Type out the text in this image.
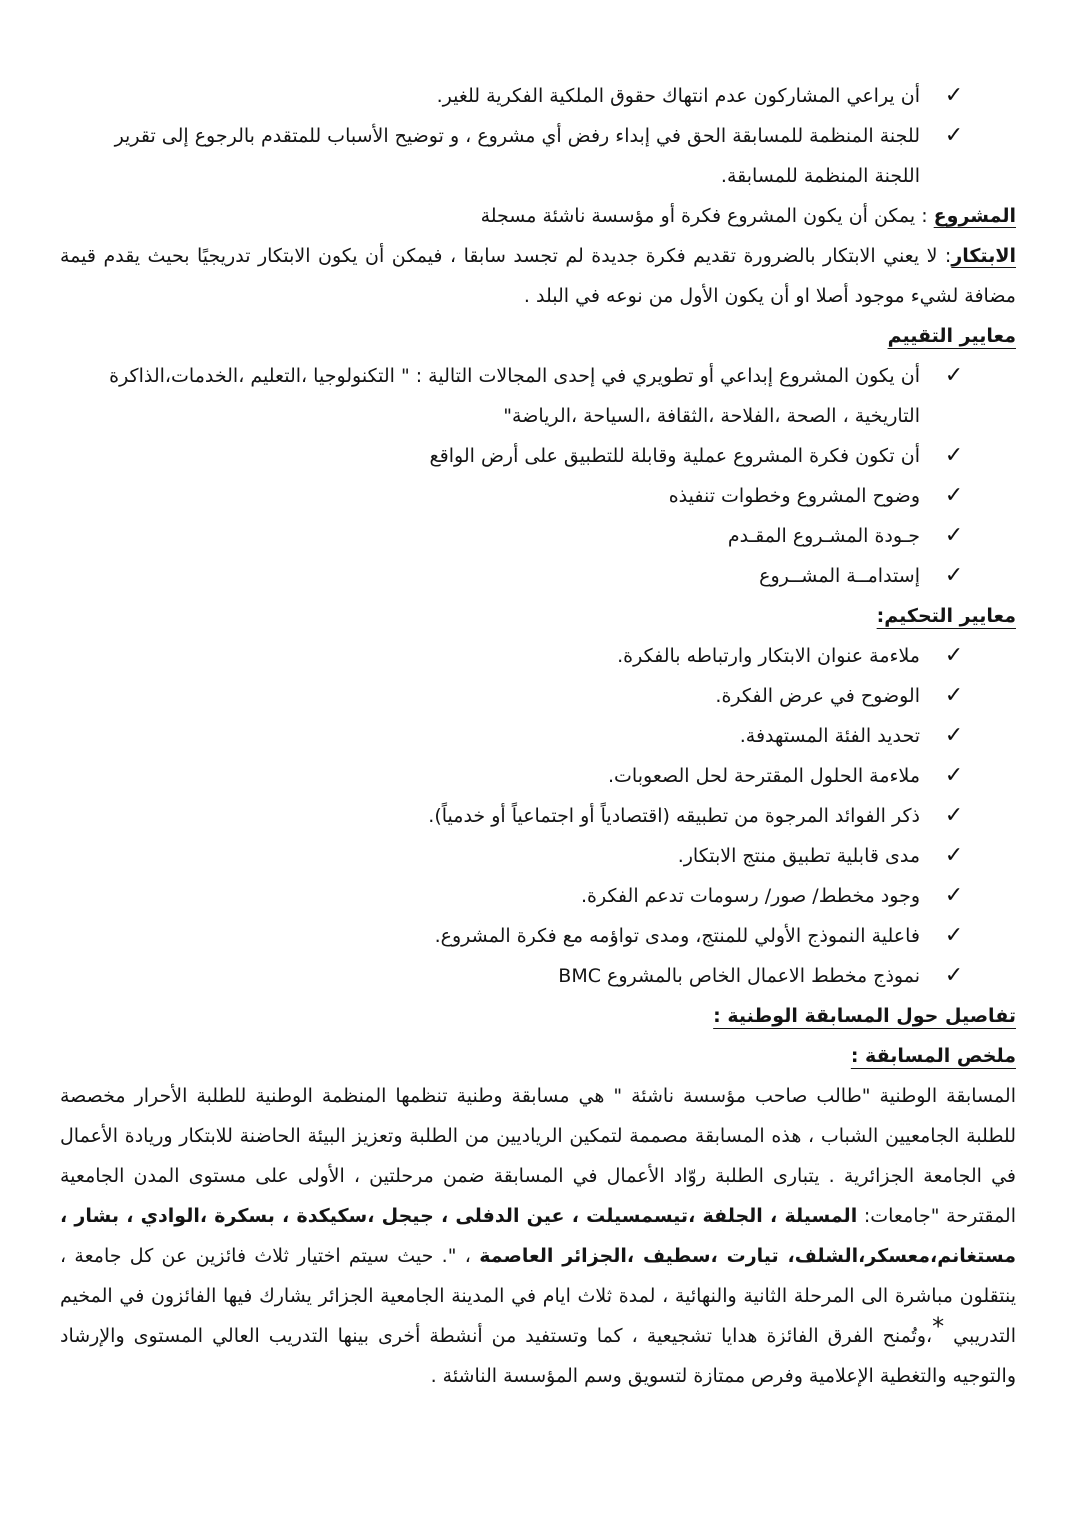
✓
أن يراعي المشاركون عدم انتهاك حقوق الملكية الفكرية للغير.
✓
للجنة المنظمة للمسابقة الحق في إبداء رفض أي مشروع ، و توضيح الأسباب للمتقدم بالرجوع إلى تقرير اللجنة المنظمة للمسابقة.
المشروع : يمكن أن يكون المشروع فكرة أو مؤسسة ناشئة مسجلة
الابتكار: لا يعني الابتكار بالضرورة تقديم فكرة جديدة لم تجسد سابقا ، فيمكن أن يكون الابتكار تدريجيًا بحيث يقدم قيمة مضافة لشيء موجود أصلا او أن يكون الأول من نوعه في البلد .
معايير التقييم
✓
أن يكون المشروع إبداعي أو تطويري في إحدى المجالات التالية : " التكنولوجيا ،التعليم ،الخدمات،الذاكرة التاريخية ، الصحة ،الفلاحة ،الثقافة ،السياحة ،الرياضة"
✓
أن تكون فكرة المشروع عملية وقابلة للتطبيق على أرض الواقع
✓
وضوح المشروع وخطوات تنفيذه
✓
جـودة المشـروع المقـدم
✓
إستدامــة المشــروع
معايير التحكيم:
✓
ملاءمة عنوان الابتكار وارتباطه بالفكرة.
✓
الوضوح في عرض الفكرة.
✓
تحديد الفئة المستهدفة.
✓
ملاءمة الحلول المقترحة لحل الصعوبات.
✓
ذكر الفوائد المرجوة من تطبيقه (اقتصادياً أو اجتماعياً أو خدمياً).
✓
مدى قابلية تطبيق منتج الابتكار.
✓
وجود مخطط/ صور/ رسومات تدعم الفكرة.
✓
فاعلية النموذج الأولي للمنتج، ومدى تواؤمه مع فكرة المشروع.
✓
نموذج مخطط الاعمال الخاص بالمشروع BMC
تفاصيل حول المسابقة الوطنية :
ملخص المسابقة :
المسابقة الوطنية "طالب صاحب مؤسسة ناشئة " هي مسابقة وطنية تنظمها المنظمة الوطنية للطلبة الأحرار مخصصة للطلبة الجامعيين الشباب ، هذه المسابقة مصممة لتمكين الرياديين من الطلبة وتعزيز البيئة الحاضنة للابتكار وريادة الأعمال في الجامعة الجزائرية . يتبارى الطلبة روّاد الأعمال في المسابقة ضمن مرحلتين ، الأولى على مستوى المدن الجامعية المقترحة "جامعات: المسيلة ، الجلفة ،تيسمسيلت ، عين الدفلى ، جيجل ،سكيكدة ، بسكرة ،الوادي ، بشار ، مستغانم،معسكر،الشلف، تيارت ،سطيف ،الجزائر العاصمة ، ". حيث سيتم اختيار ثلاث فائزين عن كل جامعة ، ينتقلون مباشرة الى المرحلة الثانية والنهائية ، لمدة ثلاث ايام في المدينة الجامعية الجزائر يشارك فيها الفائزون في المخيم التدريبي *،وتُمنح الفرق الفائزة هدايا تشجيعية ، كما وتستفيد من أنشطة أخرى بينها التدريب العالي المستوى والإرشاد والتوجيه والتغطية الإعلامية وفرص ممتازة لتسويق وسم المؤسسة الناشئة .
